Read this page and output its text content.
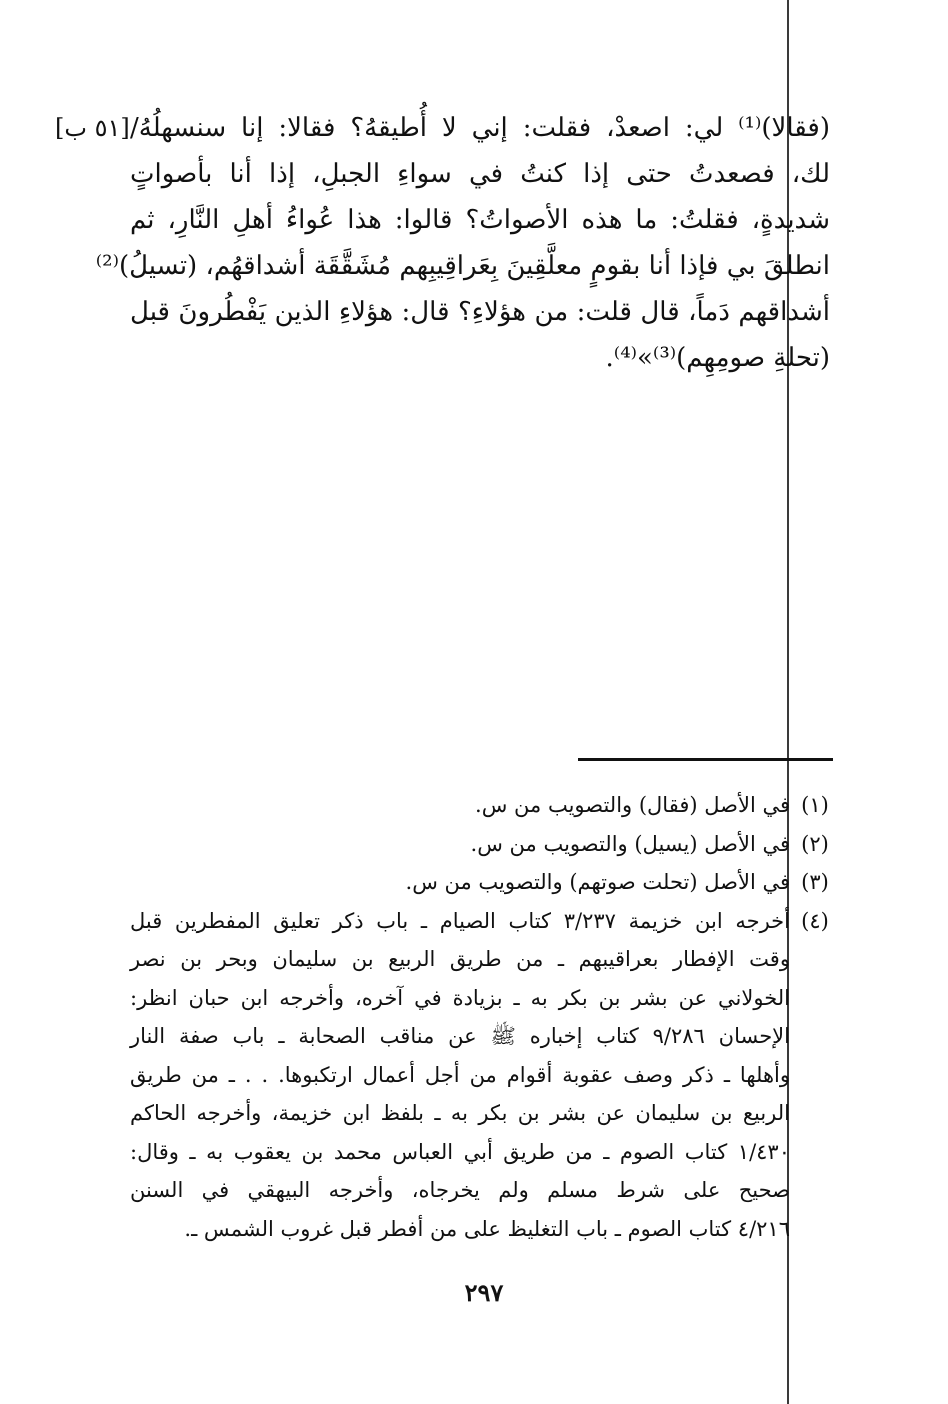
(فقالا)⁽¹⁾ لي: اصعدْ، فقلت: إني لا أُطيقهُ؟ فقالا: إنا سنسهلُهُ/
لك، فصعدتُ حتى إذا كنتُ في سواءِ الجبلِ، إذا أنا بأصواتٍ
شديدةٍ، فقلتُ: ما هذه الأصواتُ؟ قالوا: هذا عُواءُ أهلِ النَّارِ، ثم
انطلقَ بي فإذا أنا بقومٍ معلَّقِينَ بِعَراقِيبِهم مُشَقَّقَة أشداقهُم، (تسيلُ)⁽²⁾
أشداقهم دَماً، قال قلت: من هؤلاءِ؟ قال: هؤلاءِ الذين يَفْطُرونَ قبل
(تحلةِ صومِهِم)⁽³⁾»⁽⁴⁾.
[٥١ ب]
(١)
في الأصل (فقال) والتصويب من س.
(٢)
في الأصل (يسيل) والتصويب من س.
(٣)
في الأصل (تحلت صوتهم) والتصويب من س.
(٤)
أخرجه ابن خزيمة ٣/٢٣٧ كتاب الصيام ـ باب ذكر تعليق المفطرين قبل
وقت الإفطار بعراقيبهم ـ من طريق الربيع بن سليمان وبحر بن نصر
الخولاني عن بشر بن بكر به ـ بزيادة في آخره، وأخرجه ابن حبان انظر:
الإحسان ٩/٢٨٦ كتاب إخباره ﷺ عن مناقب الصحابة ـ باب صفة النار
وأهلها ـ ذكر وصف عقوبة أقوام من أجل أعمال ارتكبوها. . . ـ من طريق
الربيع بن سليمان عن بشر بن بكر به ـ بلفظ ابن خزيمة، وأخرجه الحاكم
١/٤٣٠ كتاب الصوم ـ من طريق أبي العباس محمد بن يعقوب به ـ وقال:
صحيح على شرط مسلم ولم يخرجاه، وأخرجه البيهقي في السنن
٤/٢١٦ كتاب الصوم ـ باب التغليظ على من أفطر قبل غروب الشمس ـ.
٢٩٧
